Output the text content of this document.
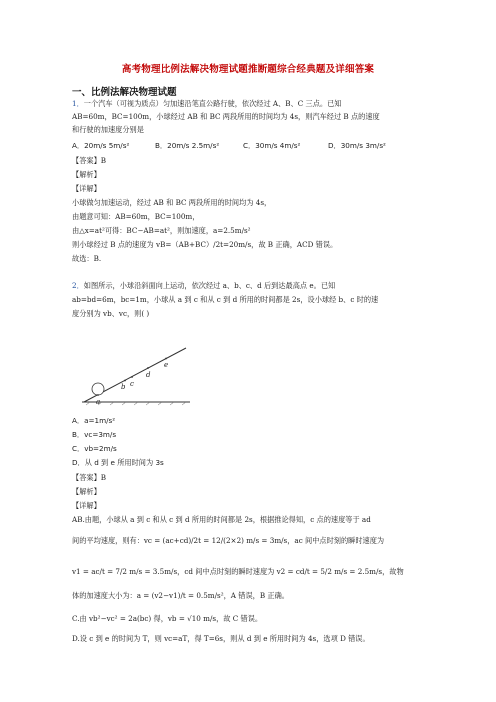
高考物理比例法解决物理试题推断题综合经典题及详细答案
一、比例法解决物理试题
1．一个汽车（可视为质点）匀加速沿笔直公路行驶，依次经过 A、B、C 三点。已知
AB=60m，BC=100m，小球经过 AB 和 BC 两段所用的时间均为 4s，则汽车经过 B 点的速度
和行驶的加速度分别是
A．20m/s 5m/s²	B．20m/s 2.5m/s²	C．30m/s 4m/s²	D．30m/s 3m/s²
【答案】B
【解析】
【详解】
小球做匀加速运动，经过 AB 和 BC 两段所用的时间均为 4s，
由题意可知：AB=60m，BC=100m，
由△x=at²可得：BC−AB=at²，则加速度，a=2.5m/s²
则小球经过 B 点的速度为 vB=（AB+BC）/2t=20m/s，故 B 正确，ACD 错误。
故选：B.
2．如图所示，小球沿斜面向上运动，依次经过 a、b、c、d 后到达最高点 e。已知
ab=bd=6m，bc=1m，小球从 a 到 c 和从 c 到 d 所用的时间都是 2s，设小球经 b、c 时的速
度分别为 vb、vc，则( )
a
b c
d
e
A．a=1m/s²
B．vc=3m/s
C．vb=2m/s
D．从 d 到 e 所用时间为 3s
【答案】B
【解析】
【详解】
AB.由题，小球从 a 到 c 和从 c 到 d 所用的时间都是 2s，根据推论得知，c 点的速度等于 ad
间的平均速度，则有：vc = (ac+cd)/2t = 12/(2×2) m/s = 3m/s，ac 间中点时刻的瞬时速度为
v1 = ac/t = 7/2 m/s = 3.5m/s，cd 间中点时刻的瞬时速度为 v2 = cd/t = 5/2 m/s = 2.5m/s，故物
体的加速度大小为：a = (v2−v1)/t = 0.5m/s²，A 错误，B 正确。
C.由 vb²−vc² = 2a(bc) 得，vb = √10 m/s，故 C 错误。
D.设 c 到 e 的时间为 T，则 vc=aT，得 T=6s，则从 d 到 e 所用时间为 4s，选项 D 错误。
